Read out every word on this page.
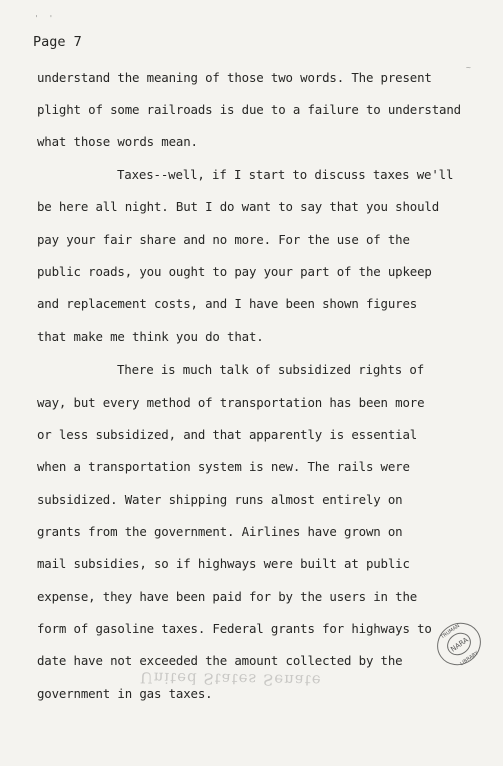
'  '
~
Page 7
understand the meaning of those two words. The present
plight of some railroads is due to a failure to understand
what those words mean.
Taxes--well, if I start to discuss taxes we'll
be here all night. But I do want to say that you should
pay your fair share and no more. For the use of the
public roads, you ought to pay your part of the upkeep
and replacement costs, and I have been shown figures
that make me think you do that.
There is much talk of subsidized rights of
way, but every method of transportation has been more
or less subsidized, and that apparently is essential
when a transportation system is new. The rails were
subsidized. Water shipping runs almost entirely on
grants from the government. Airlines have grown on
mail subsidies, so if highways were built at public
expense, they have been paid for by the users in the
form of gasoline taxes. Federal grants for highways to
date have not exceeded the amount collected by the
government in gas taxes.
United States Senate
NARA
TRUMAN
LIBRARY
